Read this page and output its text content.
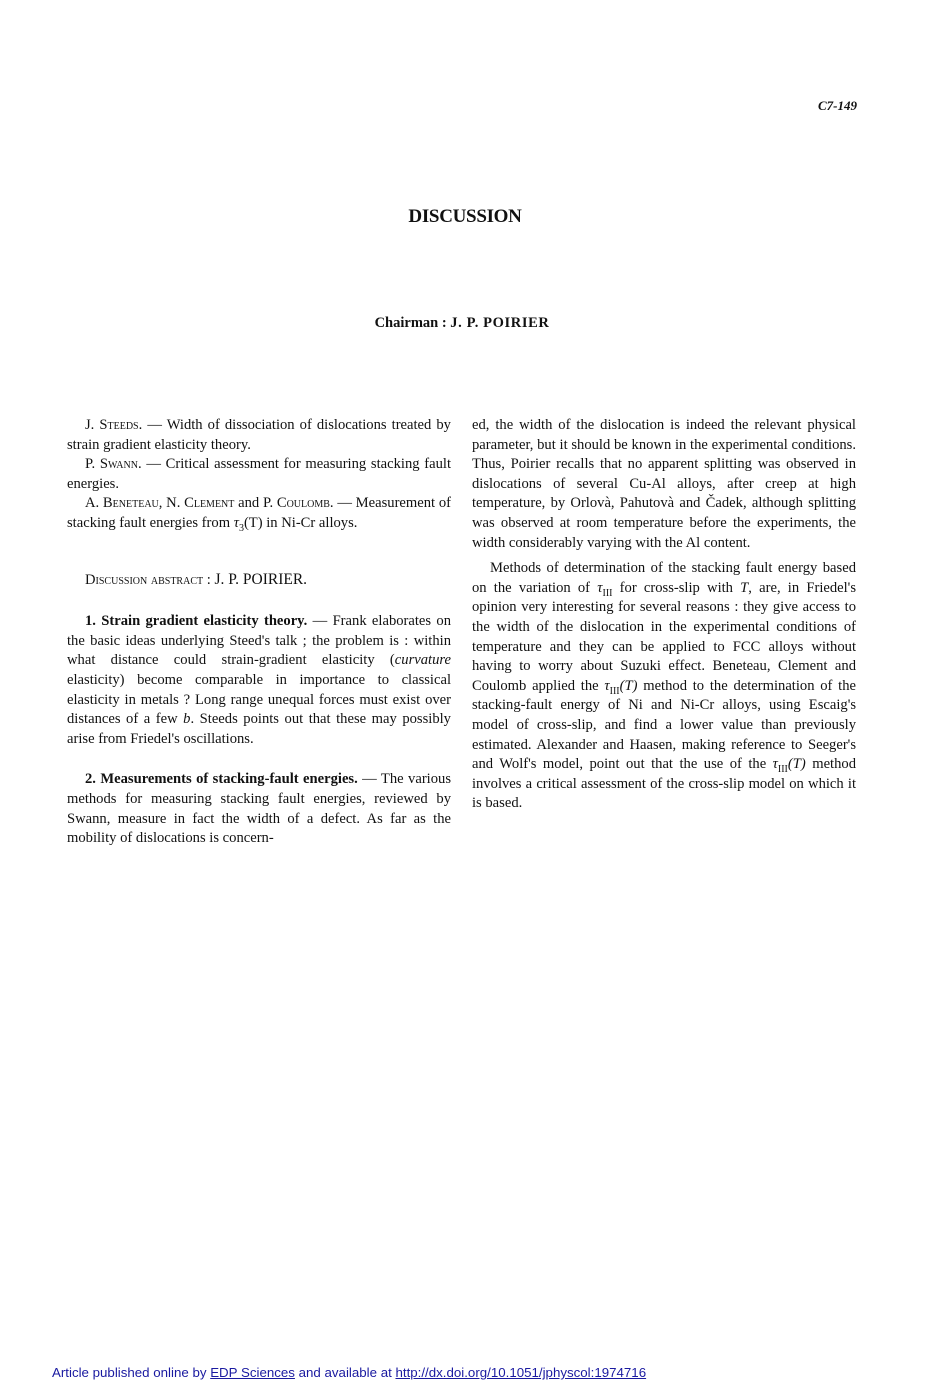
C7-149
DISCUSSION
Chairman : J. P. POIRIER

J. Steeds. — Width of dissociation of dislocations treated by strain gradient elasticity theory.

P. Swann. — Critical assessment for measuring stacking fault energies.

A. Beneteau, N. Clement and P. Coulomb. — Measurement of stacking fault energies from $\tau_3(T)$ in Ni-Cr alloys.

Discussion abstract : J. P. POIRIER.

1. Strain gradient elasticity theory. — Frank elaborates on the basic ideas underlying Steed's talk ; the problem is : within what distance could strain-gradient elasticity (curvature elasticity) become comparable in importance to classical elasticity in metals ? Long range unequal forces must exist over distances of a few b. Steeds points out that these may possibly arise from Friedel's oscillations.

2. Measurements of stacking-fault energies. — The various methods for measuring stacking fault energies, reviewed by Swann, measure in fact the width of a defect. As far as the mobility of dislocations is concern-

ed, the width of the dislocation is indeed the relevant physical parameter, but it should be known in the experimental conditions. Thus, Poirier recalls that no apparent splitting was observed in dislocations of several Cu-Al alloys, after creep at high temperature, by Orlovà, Pahutovà and Čadek, although splitting was observed at room temperature before the experiments, the width considerably varying with the Al content.

Methods of determination of the stacking fault energy based on the variation of $\tau_{III}$ for cross-slip with T, are, in Friedel's opinion very interesting for several reasons : they give access to the width of the dislocation in the experimental conditions of temperature and they can be applied to FCC alloys without having to worry about Suzuki effect. Beneteau, Clement and Coulomb applied the $\tau_{III}(T)$ method to the determination of the stacking-fault energy of Ni and Ni-Cr alloys, using Escaig's model of cross-slip, and find a lower value than previously estimated. Alexander and Haasen, making reference to Seeger's and Wolf's model, point out that the use of the $\tau_{III}(T)$ method involves a critical assessment of the cross-slip model on which it is based.

Article published online by EDP Sciences and available at http://dx.doi.org/10.1051/jphyscol:1974716
